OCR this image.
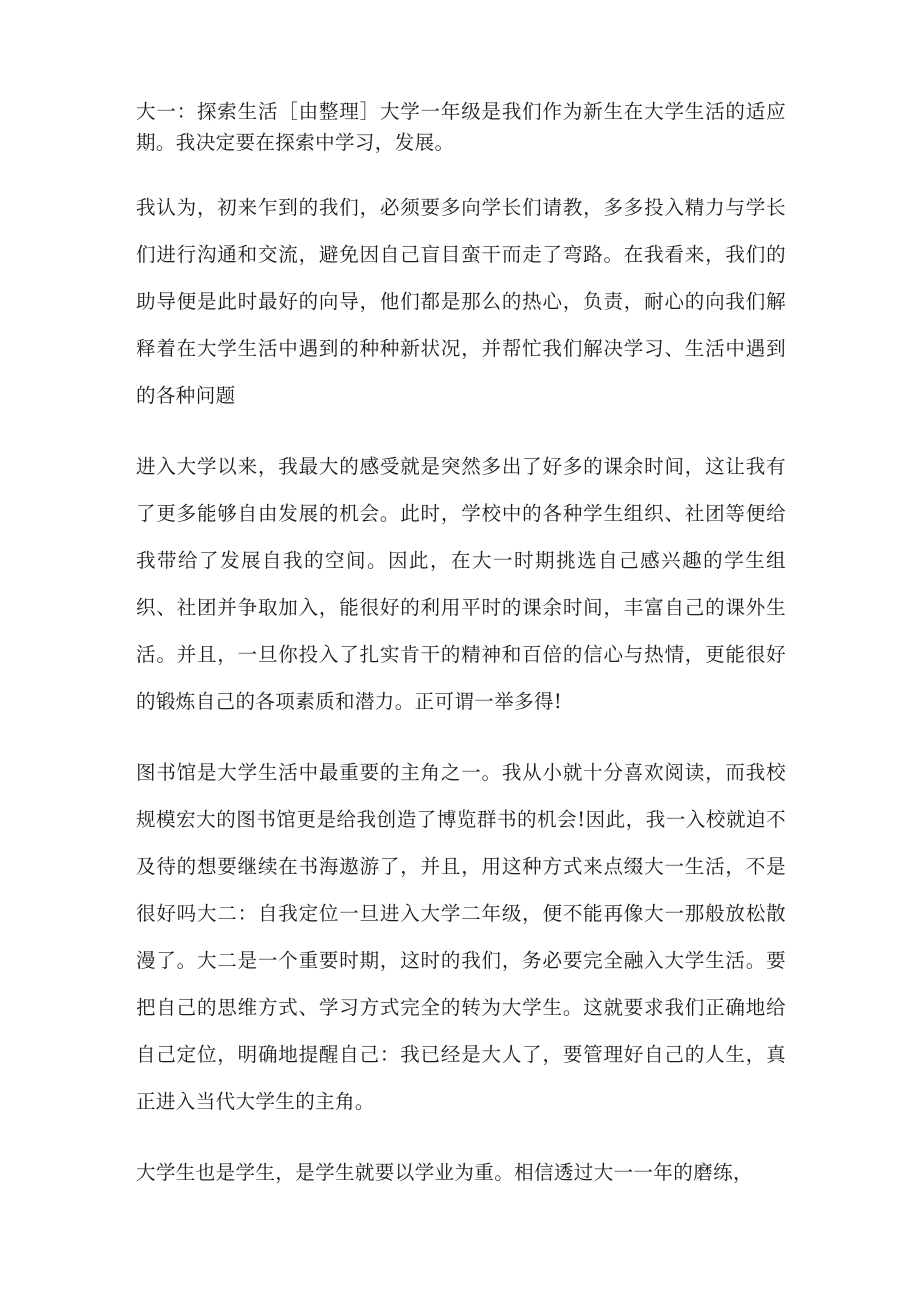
大一：探索生活［由整理］大学一年级是我们作为新生在大学生活的适应期。我决定要在探索中学习，发展。

我认为，初来乍到的我们，必须要多向学长们请教，多多投入精力与学长们进行沟通和交流，避免因自己盲目蛮干而走了弯路。在我看来，我们的助导便是此时最好的向导，他们都是那么的热心，负责，耐心的向我们解释着在大学生活中遇到的种种新状况，并帮忙我们解决学习、生活中遇到的各种问题

进入大学以来，我最大的感受就是突然多出了好多的课余时间，这让我有了更多能够自由发展的机会。此时，学校中的各种学生组织、社团等便给我带给了发展自我的空间。因此，在大一时期挑选自己感兴趣的学生组织、社团并争取加入，能很好的利用平时的课余时间，丰富自己的课外生活。并且，一旦你投入了扎实肯干的精神和百倍的信心与热情，更能很好的锻炼自己的各项素质和潜力。正可谓一举多得!

图书馆是大学生活中最重要的主角之一。我从小就十分喜欢阅读，而我校规模宏大的图书馆更是给我创造了博览群书的机会!因此，我一入校就迫不及待的想要继续在书海遨游了，并且，用这种方式来点缀大一生活，不是很好吗大二：自我定位一旦进入大学二年级，便不能再像大一那般放松散漫了。大二是一个重要时期，这时的我们，务必要完全融入大学生活。要把自己的思维方式、学习方式完全的转为大学生。这就要求我们正确地给自己定位，明确地提醒自己：我已经是大人了，要管理好自己的人生，真正进入当代大学生的主角。

大学生也是学生，是学生就要以学业为重。相信透过大一一年的磨练，
